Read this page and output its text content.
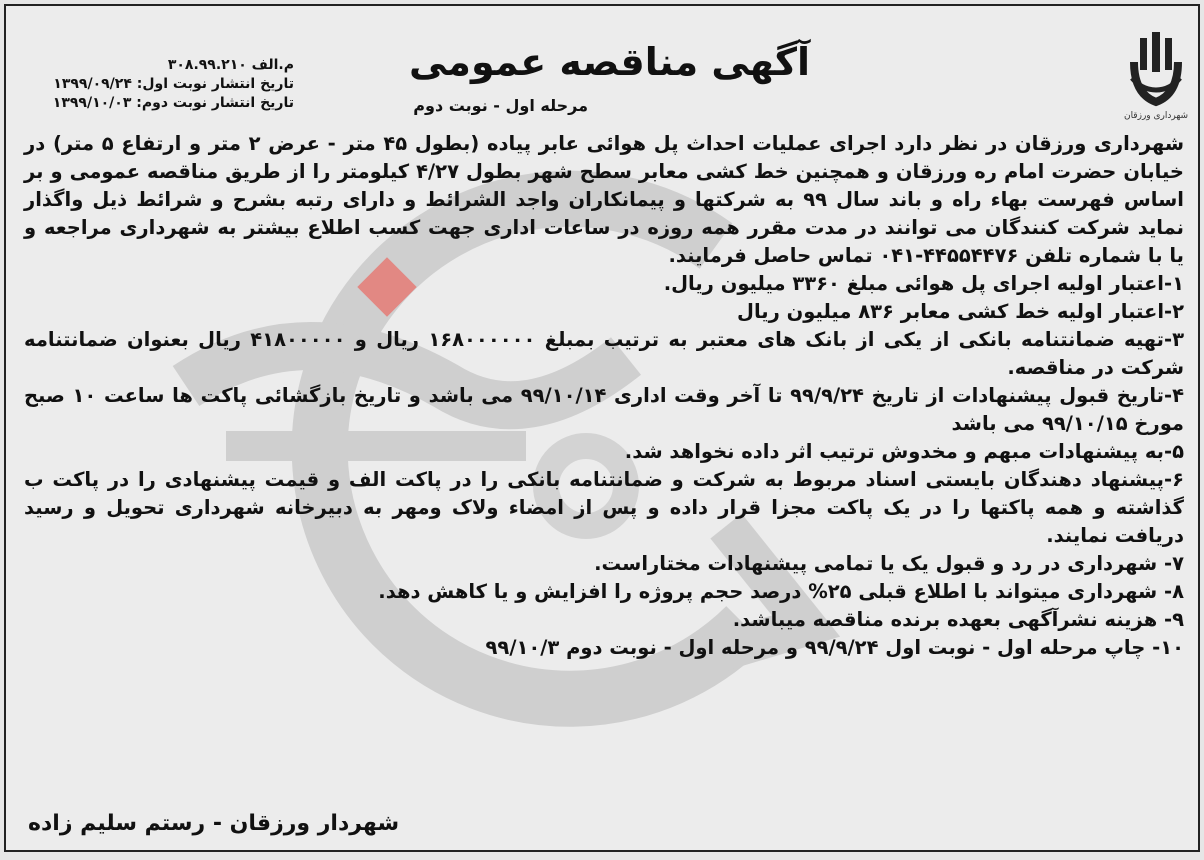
شهرداری ورزقان
آگهی مناقصه عمومی
مرحله اول - نوبت دوم
م.الف ۳۰۸.۹۹.۲۱۰
تاریخ انتشار نوبت اول: ۱۳۹۹/۰۹/۲۴
تاریخ انتشار نوبت دوم: ۱۳۹۹/۱۰/۰۳

شهرداری ورزقان در نظر دارد اجرای عملیات احداث پل هوائی عابر پیاده (بطول ۴۵ متر - عرض ۲ متر و ارتفاع ۵ متر) در خیابان حضرت امام ره ورزقان و همچنین خط کشی معابر سطح شهر بطول ۴/۲۷ کیلومتر را از طریق مناقصه عمومی و بر اساس فهرست بهاء راه و باند سال ۹۹ به شرکتها و پیمانکاران واجد الشرائط و دارای رتبه بشرح و شرائط ذیل واگذار نماید شرکت کنندگان می توانند در مدت مقرر همه روزه در ساعات اداری جهت کسب اطلاع بیشتر به شهرداری مراجعه و یا با شماره تلفن ۴۴۵۵۴۴۷۶-۰۴۱ تماس حاصل فرمایند.

۱-اعتبار اولیه اجرای پل هوائی مبلغ ۳۳۶۰ میلیون ریال.

۲-اعتبار اولیه خط کشی معابر ۸۳۶ میلیون ریال

۳-تهیه ضمانتنامه بانکی از یکی از بانک های معتبر به ترتیب بمبلغ ۱۶۸۰۰۰۰۰۰ ریال و ۴۱۸۰۰۰۰۰ ریال بعنوان ضمانتنامه شرکت در مناقصه.

۴-تاریخ قبول پیشنهادات از تاریخ ۹۹/۹/۲۴ تا آخر وقت اداری ۹۹/۱۰/۱۴ می باشد و تاریخ بازگشائی پاکت ها ساعت ۱۰ صبح مورخ ۹۹/۱۰/۱۵ می باشد

۵-به پیشنهادات مبهم و مخدوش ترتیب اثر داده نخواهد شد.

۶-پیشنهاد دهندگان بایستی اسناد مربوط به شرکت و ضمانتنامه بانکی را در پاکت الف و قیمت پیشنهادی را در پاکت ب گذاشته و همه پاکتها را در یک پاکت مجزا قرار داده و پس از امضاء ولاک ومهر به دبیرخانه شهرداری تحویل و رسید دریافت نمایند.

۷- شهرداری در رد و قبول یک یا تمامی پیشنهادات مختاراست.

۸- شهرداری میتواند با اطلاع قبلی ۲۵% درصد حجم پروژه را افزایش و یا کاهش دهد.

۹- هزینه نشرآگهی بعهده برنده مناقصه میباشد.

۱۰- چاپ مرحله اول - نوبت اول ۹۹/۹/۲۴ و مرحله اول - نوبت دوم ۹۹/۱۰/۳

شهردار ورزقان - رستم سلیم زاده
